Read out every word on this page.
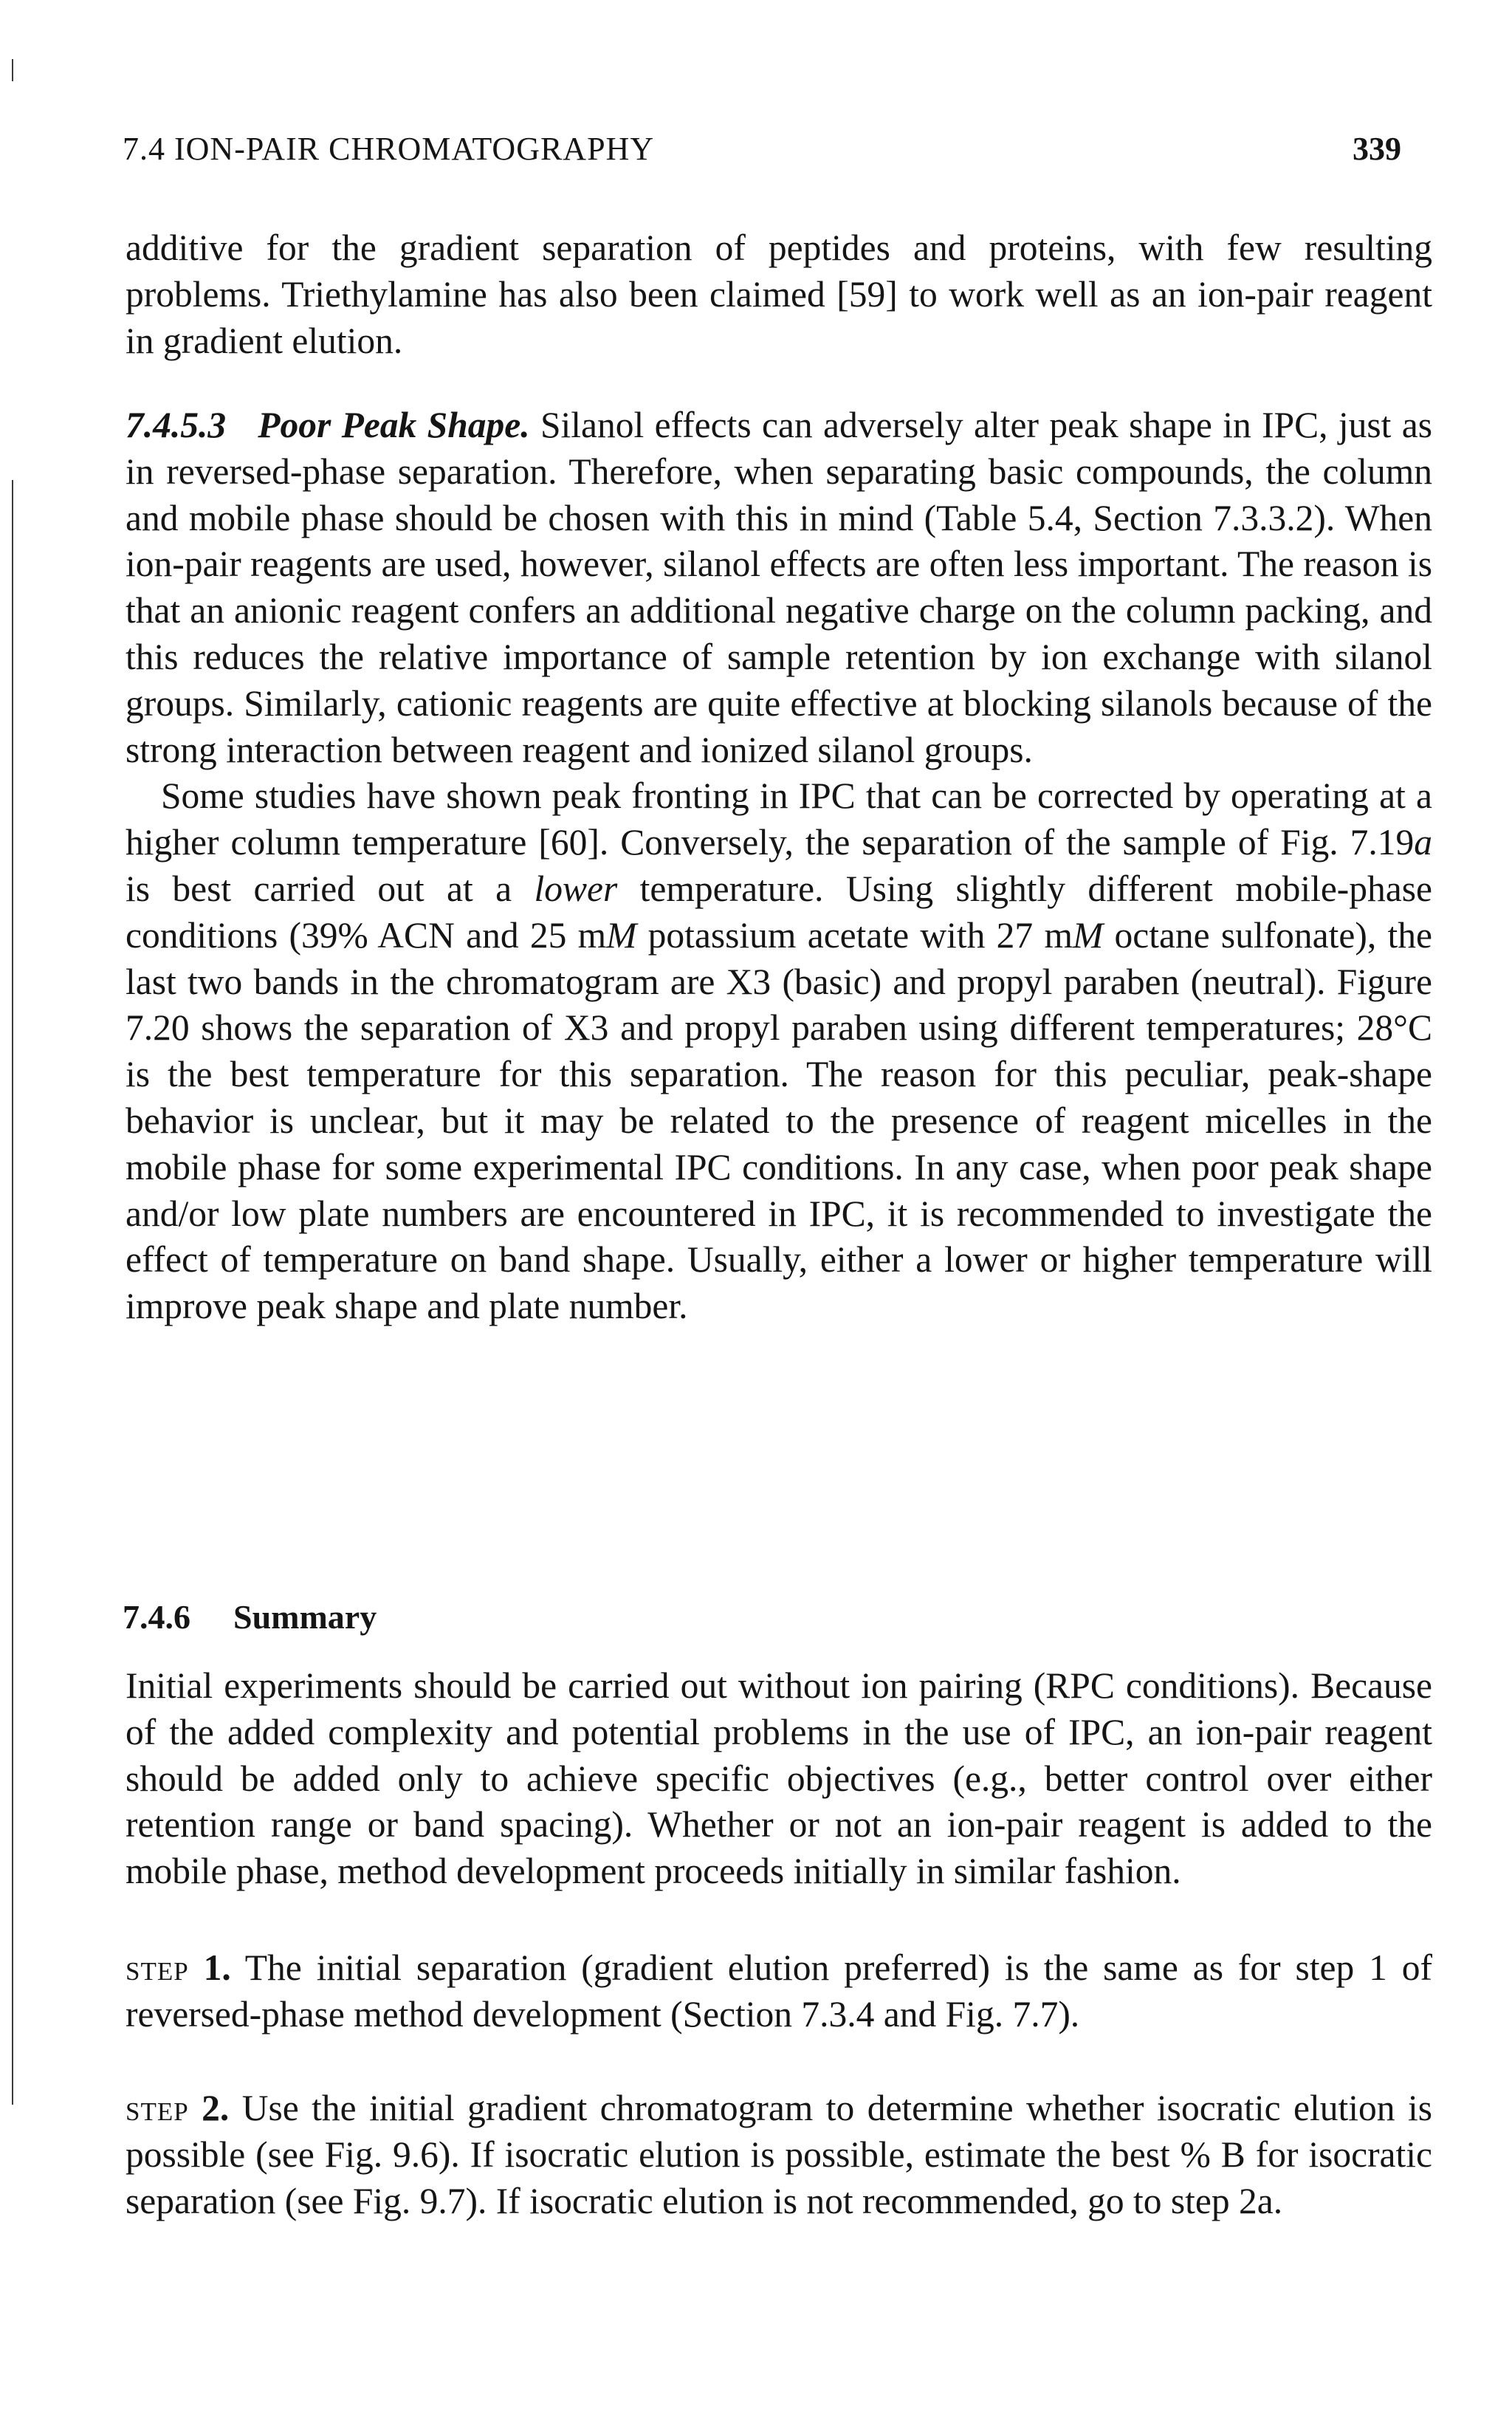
7.4 ION-PAIR CHROMATOGRAPHY	339

additive for the gradient separation of peptides and proteins, with few resulting problems. Triethylamine has also been claimed [59] to work well as an ion-pair reagent in gradient elution.

7.4.5.3 Poor Peak Shape. Silanol effects can adversely alter peak shape in IPC, just as in reversed-phase separation. Therefore, when separating basic compounds, the column and mobile phase should be chosen with this in mind (Table 5.4, Section 7.3.3.2). When ion-pair reagents are used, however, silanol effects are often less important. The reason is that an anionic reagent confers an additional negative charge on the column packing, and this reduces the relative importance of sample retention by ion exchange with silanol groups. Similarly, cationic reagents are quite effective at blocking silanols because of the strong interaction between reagent and ionized silanol groups.

Some studies have shown peak fronting in IPC that can be corrected by operating at a higher column temperature [60]. Conversely, the separation of the sample of Fig. 7.19a is best carried out at a lower temperature. Using slightly different mobile-phase conditions (39% ACN and 25 mM potassium acetate with 27 mM octane sulfonate), the last two bands in the chromatogram are X3 (basic) and propyl paraben (neutral). Figure 7.20 shows the separation of X3 and propyl paraben using different temperatures; 28°C is the best temperature for this separation. The reason for this peculiar, peak-shape behavior is unclear, but it may be related to the presence of reagent micelles in the mobile phase for some experimental IPC conditions. In any case, when poor peak shape and/or low plate numbers are encountered in IPC, it is recommended to investigate the effect of temperature on band shape. Usually, either a lower or higher temperature will improve peak shape and plate number.

7.4.6 Summary

Initial experiments should be carried out without ion pairing (RPC conditions). Because of the added complexity and potential problems in the use of IPC, an ion-pair reagent should be added only to achieve specific objectives (e.g., better control over either retention range or band spacing). Whether or not an ion-pair reagent is added to the mobile phase, method development proceeds initially in similar fashion.

step 1. The initial separation (gradient elution preferred) is the same as for step 1 of reversed-phase method development (Section 7.3.4 and Fig. 7.7).

step 2. Use the initial gradient chromatogram to determine whether isocratic elution is possible (see Fig. 9.6). If isocratic elution is possible, estimate the best % B for isocratic separation (see Fig. 9.7). If isocratic elution is not recommended, go to step 2a.
